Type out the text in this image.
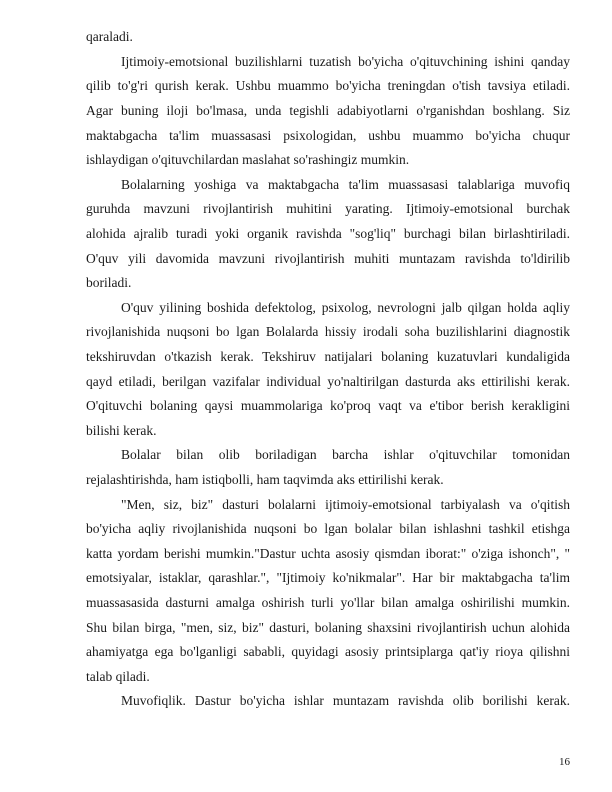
qaraladi.

Ijtimoiy-emotsional buzilishlarni tuzatish bo'yicha o'qituvchining ishini qanday

qilib to'g'ri qurish kerak. Ushbu muammo bo'yicha treningdan o'tish tavsiya etiladi.

Agar buning iloji bo'lmasa, unda tegishli adabiyotlarni o'rganishdan boshlang. Siz

maktabgacha ta'lim muassasasi psixologidan, ushbu muammo bo'yicha chuqur

ishlaydigan o'qituvchilardan maslahat so'rashingiz mumkin.

Bolalarning yoshiga va maktabgacha ta'lim muassasasi talablariga muvofiq

guruhda mavzuni rivojlantirish muhitini yarating. Ijtimoiy-emotsional burchak

alohida ajralib turadi yoki organik ravishda "sog'liq" burchagi bilan birlashtiriladi.

O'quv yili davomida mavzuni rivojlantirish muhiti muntazam ravishda to'ldirilib

boriladi.

O'quv yilining boshida defektolog, psixolog, nevrologni jalb qilgan holda aqliy

rivojlanishida nuqsoni bo lgan Bolalarda hissiy irodali soha buzilishlarini diagnostik

tekshiruvdan o'tkazish kerak. Tekshiruv natijalari bolaning kuzatuvlari kundaligida

qayd etiladi, berilgan vazifalar individual yo'naltirilgan dasturda aks ettirilishi kerak.

O'qituvchi bolaning qaysi muammolariga ko'proq vaqt va e'tibor berish kerakligini

bilishi kerak.

Bolalar bilan olib boriladigan barcha ishlar o'qituvchilar tomonidan

rejalashtirishda, ham istiqbolli, ham taqvimda aks ettirilishi kerak.

"Men, siz, biz" dasturi bolalarni ijtimoiy-emotsional tarbiyalash va o'qitish

bo'yicha aqliy rivojlanishida nuqsoni bo lgan bolalar bilan ishlashni tashkil etishga

katta yordam berishi mumkin."Dastur uchta asosiy qismdan iborat:" o'ziga ishonch", "

emotsiyalar, istaklar, qarashlar.", "Ijtimoiy ko'nikmalar". Har bir maktabgacha ta'lim

muassasasida dasturni amalga oshirish turli yo'llar bilan amalga oshirilishi mumkin.

Shu bilan birga, "men, siz, biz" dasturi, bolaning shaxsini rivojlantirish uchun alohida

ahamiyatga ega bo'lganligi sababli, quyidagi asosiy printsiplarga qat'iy rioya qilishni

talab qiladi.

Muvofiqlik. Dastur bo'yicha ishlar muntazam ravishda olib borilishi kerak.

16
